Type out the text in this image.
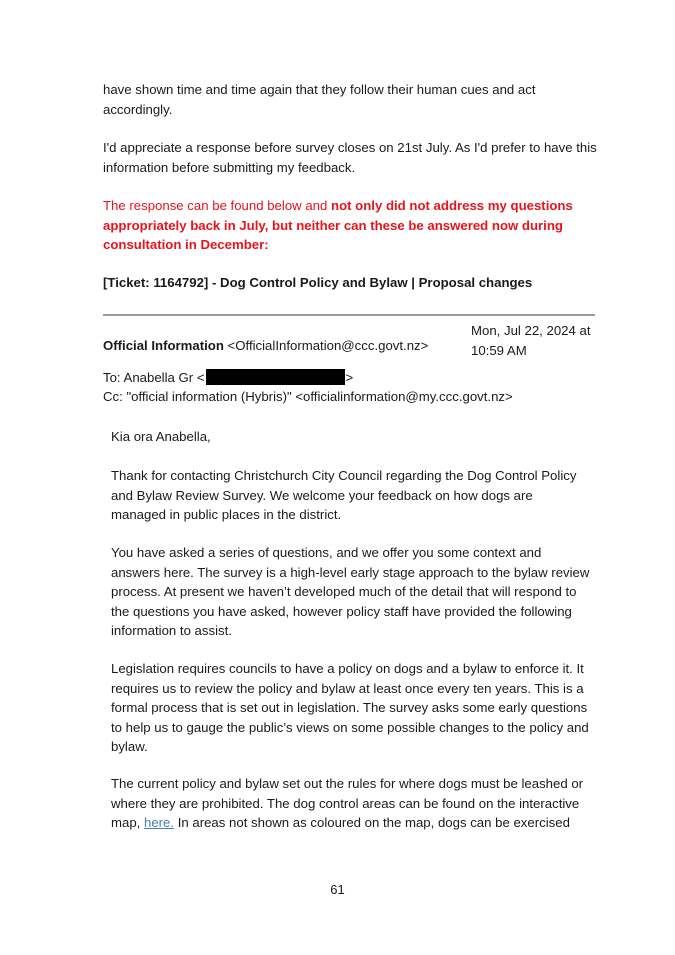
have shown time and time again that they follow their human cues and act accordingly.

I'd appreciate a response before survey closes on 21st July. As I'd prefer to have this information before submitting my feedback.

The response can be found below and not only did not address my questions appropriately back in July, but neither can these be answered now during consultation in December:

[Ticket: 1164792] - Dog Control Policy and Bylaw | Proposal changes

Official Information <OfficialInformation@ccc.govt.nz>
Mon, Jul 22, 2024 at 10:59 AM
To: Anabella Gr <	>
Cc: "official information (Hybris)" <officialinformation@my.ccc.govt.nz>

Kia ora Anabella,

Thank for contacting Christchurch City Council regarding the Dog Control Policy and Bylaw Review Survey. We welcome your feedback on how dogs are managed in public places in the district.

You have asked a series of questions, and we offer you some context and answers here. The survey is a high-level early stage approach to the bylaw review process. At present we haven’t developed much of the detail that will respond to the questions you have asked, however policy staff have provided the following information to assist.

Legislation requires councils to have a policy on dogs and a bylaw to enforce it. It requires us to review the policy and bylaw at least once every ten years. This is a formal process that is set out in legislation. The survey asks some early questions to help us to gauge the public’s views on some possible changes to the policy and bylaw.

The current policy and bylaw set out the rules for where dogs must be leashed or where they are prohibited. The dog control areas can be found on the interactive map, here. In areas not shown as coloured on the map, dogs can be exercised

61
